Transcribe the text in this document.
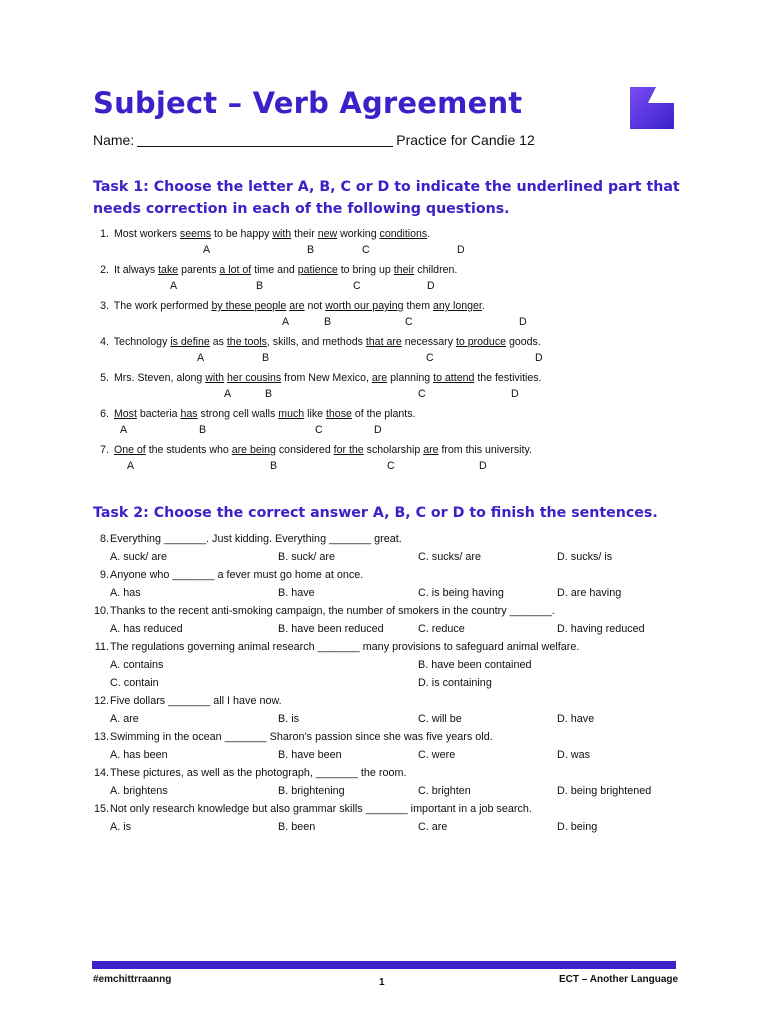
Subject – Verb Agreement
Name:	Practice for Candie 12
Task 1: Choose the letter A, B, C or D to indicate the underlined part that
needs correction in each of the following questions.
1. Most workers seems to be happy with their new working conditions.
A	B	C	D
2. It always take parents a lot of time and patience to bring up their children.
A	B	C	D
3. The work performed by these people are not worth our paying them any longer.
A	B	C	D
4. Technology is define as the tools, skills, and methods that are necessary to produce goods.
A	B	C	D
5. Mrs. Steven, along with her cousins from New Mexico, are planning to attend the festivities.
A	B	C	D
6. Most bacteria has strong cell walls much like those of the plants.
A	B	C	D
7. One of the students who are being considered for the scholarship are from this university.
A	B	C	D
Task 2: Choose the correct answer A, B, C or D to finish the sentences.
8. Everything _______. Just kidding. Everything _______ great.
A. suck/ are	B. suck/ are	C. sucks/ are	D. sucks/ is
9. Anyone who _______ a fever must go home at once.
A. has	B. have	C. is being having	D. are having
10. Thanks to the recent anti-smoking campaign, the number of smokers in the country _______.
A. has reduced	B. have been reduced	C. reduce	D. having reduced
11. The regulations governing animal research _______ many provisions to safeguard animal welfare.
A. contains	B. have been contained
C. contain	D. is containing
12. Five dollars _______ all I have now.
A. are	B. is	C. will be	D. have
13. Swimming in the ocean _______ Sharon’s passion since she was five years old.
A. has been	B. have been	C. were	D. was
14. These pictures, as well as the photograph, _______ the room.
A. brightens	B. brightening	C. brighten	D. being brightened
15. Not only research knowledge but also grammar skills _______ important in a job search.
A. is	B. been	C. are	D. being
#emchittrraanng	1	ECT – Another Language
